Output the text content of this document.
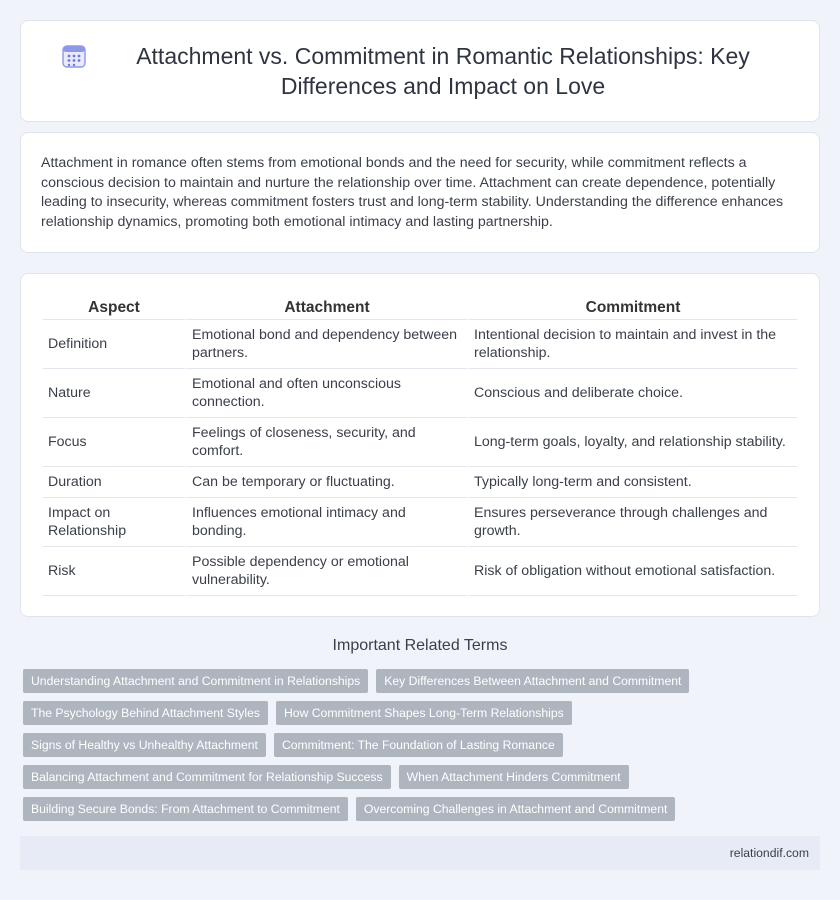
Attachment vs. Commitment in Romantic Relationships: Key Differences and Impact on Love

Attachment in romance often stems from emotional bonds and the need for security, while commitment reflects a conscious decision to maintain and nurture the relationship over time. Attachment can create dependence, potentially leading to insecurity, whereas commitment fosters trust and long-term stability. Understanding the difference enhances relationship dynamics, promoting both emotional intimacy and lasting partnership.

Aspect	Attachment	Commitment
Definition	Emotional bond and dependency between partners.	Intentional decision to maintain and invest in the relationship.
Nature	Emotional and often unconscious connection.	Conscious and deliberate choice.
Focus	Feelings of closeness, security, and comfort.	Long-term goals, loyalty, and relationship stability.
Duration	Can be temporary or fluctuating.	Typically long-term and consistent.
Impact on Relationship	Influences emotional intimacy and bonding.	Ensures perseverance through challenges and growth.
Risk	Possible dependency or emotional vulnerability.	Risk of obligation without emotional satisfaction.
Important Related Terms
Understanding Attachment and Commitment in Relationships	Key Differences Between Attachment and Commitment
The Psychology Behind Attachment Styles	How Commitment Shapes Long-Term Relationships
Signs of Healthy vs Unhealthy Attachment	Commitment: The Foundation of Lasting Romance
Balancing Attachment and Commitment for Relationship Success	When Attachment Hinders Commitment
Building Secure Bonds: From Attachment to Commitment	Overcoming Challenges in Attachment and Commitment
relationdif.com
